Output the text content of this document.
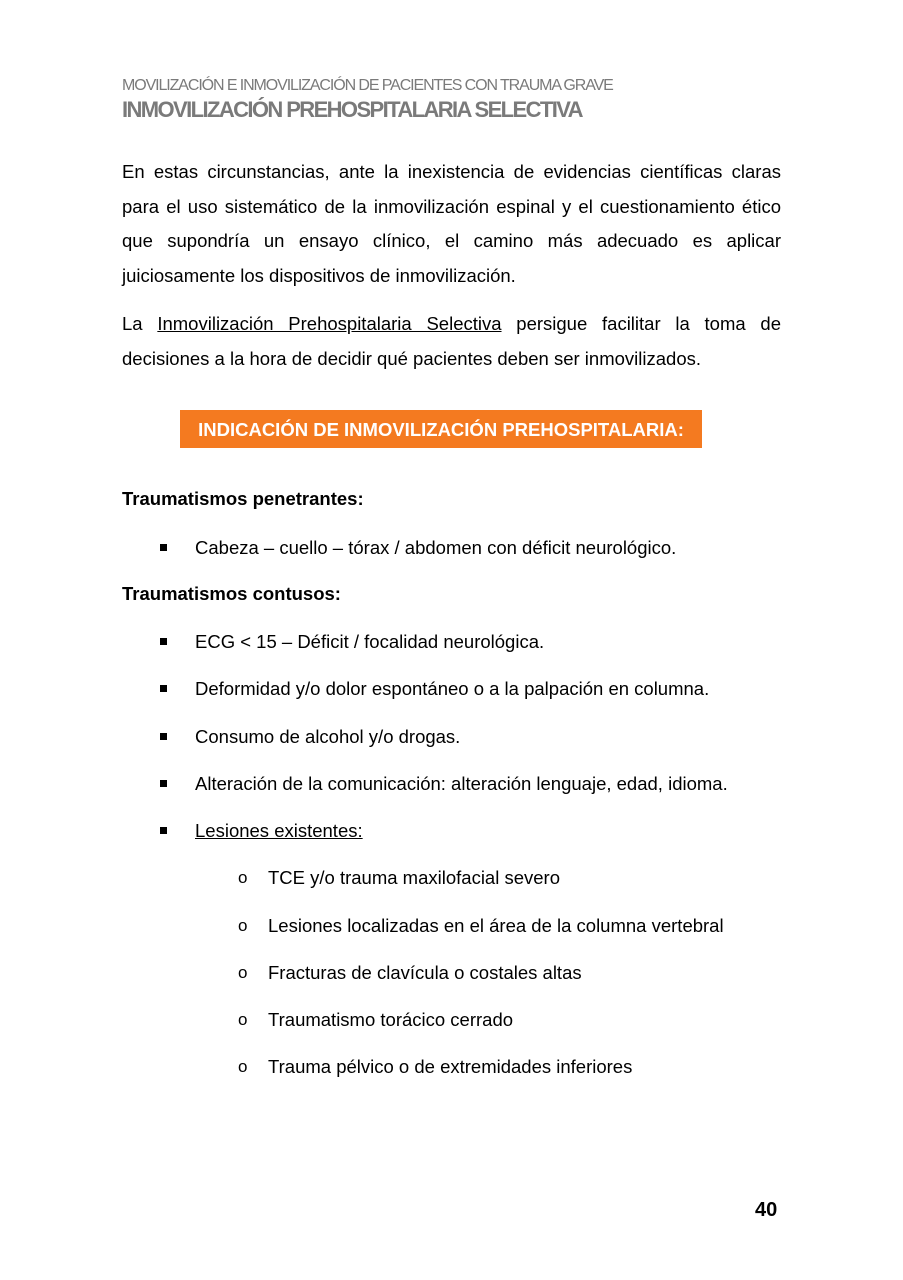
MOVILIZACIÓN E INMOVILIZACIÓN DE PACIENTES CON TRAUMA GRAVE
INMOVILIZACIÓN PREHOSPITALARIA SELECTIVA
En estas circunstancias, ante la inexistencia de evidencias científicas claras para el uso sistemático de la inmovilización espinal y el cuestionamiento ético que supondría un ensayo clínico, el camino más adecuado es aplicar juiciosamente los dispositivos de inmovilización.
La Inmovilización Prehospitalaria Selectiva persigue facilitar la toma de decisiones a la hora de decidir qué pacientes deben ser inmovilizados.
INDICACIÓN DE INMOVILIZACIÓN PREHOSPITALARIA:
Traumatismos penetrantes:
Cabeza – cuello – tórax / abdomen con déficit neurológico.
Traumatismos contusos:
ECG < 15 – Déficit / focalidad neurológica.
Deformidad y/o dolor espontáneo o a la palpación en columna.
Consumo de alcohol y/o drogas.
Alteración de la comunicación: alteración lenguaje, edad, idioma.
Lesiones existentes:
o TCE y/o trauma maxilofacial severo
o Lesiones localizadas en el área de la columna vertebral
o Fracturas de clavícula o costales altas
o Traumatismo torácico cerrado
o Trauma pélvico o de extremidades inferiores
40
